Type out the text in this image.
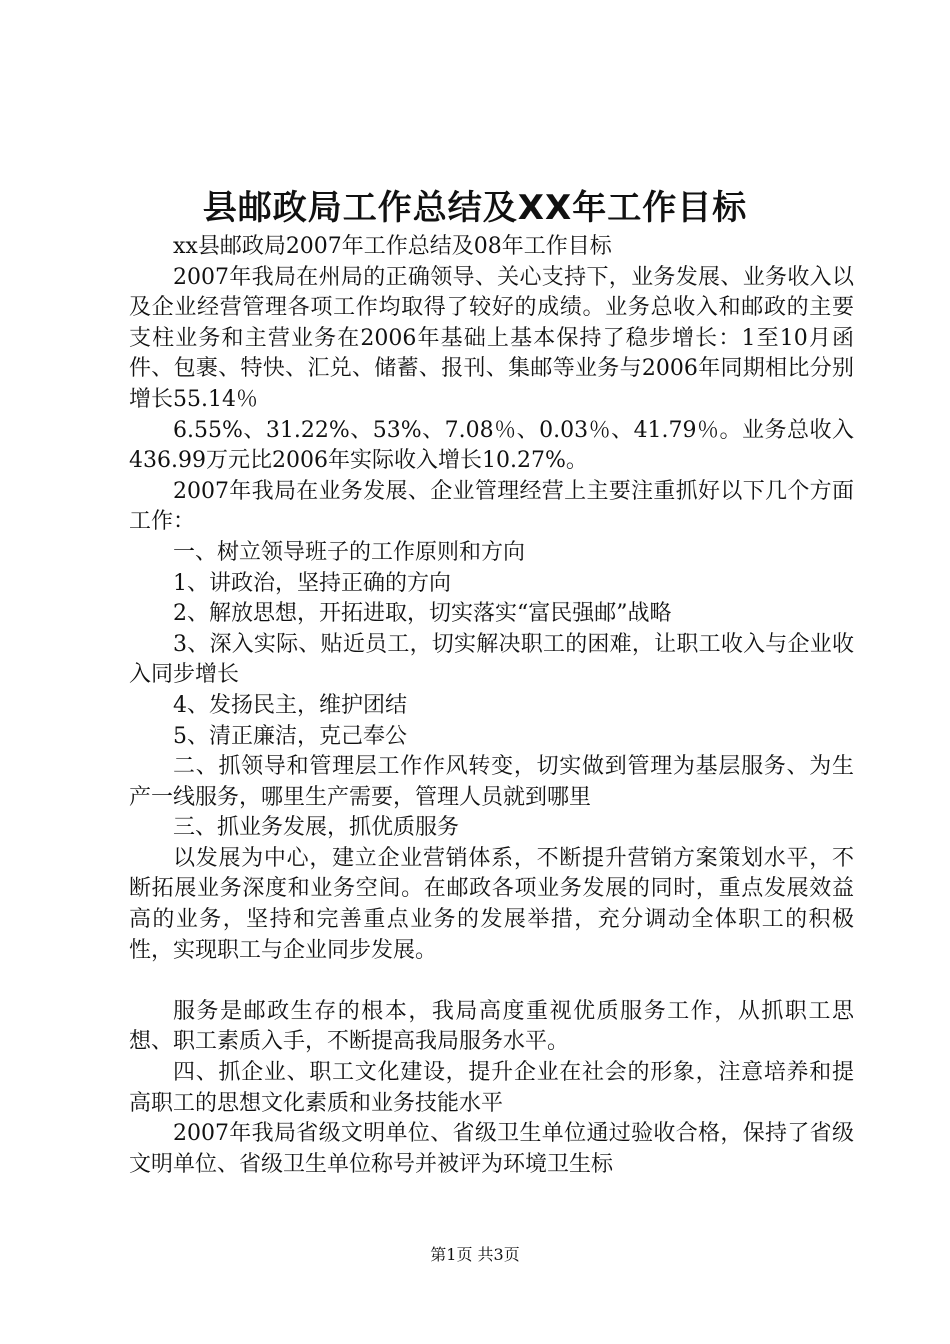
县邮政局工作总结及XX年工作目标

xx县邮政局2007年工作总结及08年工作目标

2007年我局在州局的正确领导、关心支持下，业务发展、业务收入以及企业经营管理各项工作均取得了较好的成绩。业务总收入和邮政的主要支柱业务和主营业务在2006年基础上基本保持了稳步增长：1至10月函件、包裹、特快、汇兑、储蓄、报刊、集邮等业务与2006年同期相比分别增长55.14％

6.55%、31.22%、53%、7.08％、0.03％、41.79％。业务总收入436.99万元比2006年实际收入增长10.27%。

2007年我局在业务发展、企业管理经营上主要注重抓好以下几个方面工作：

一、树立领导班子的工作原则和方向

1、讲政治，坚持正确的方向

2、解放思想，开拓进取，切实落实“富民强邮”战略

3、深入实际、贴近员工，切实解决职工的困难，让职工收入与企业收入同步增长

4、发扬民主，维护团结

5、清正廉洁，克己奉公

二、抓领导和管理层工作作风转变，切实做到管理为基层服务、为生产一线服务，哪里生产需要，管理人员就到哪里

三、抓业务发展，抓优质服务

以发展为中心，建立企业营销体系，不断提升营销方案策划水平，不断拓展业务深度和业务空间。在邮政各项业务发展的同时，重点发展效益高的业务，坚持和完善重点业务的发展举措，充分调动全体职工的积极性，实现职工与企业同步发展。

服务是邮政生存的根本，我局高度重视优质服务工作，从抓职工思想、职工素质入手，不断提高我局服务水平。

四、抓企业、职工文化建设，提升企业在社会的形象，注意培养和提高职工的思想文化素质和业务技能水平

2007年我局省级文明单位、省级卫生单位通过验收合格，保持了省级文明单位、省级卫生单位称号并被评为环境卫生标

第1页 共3页
